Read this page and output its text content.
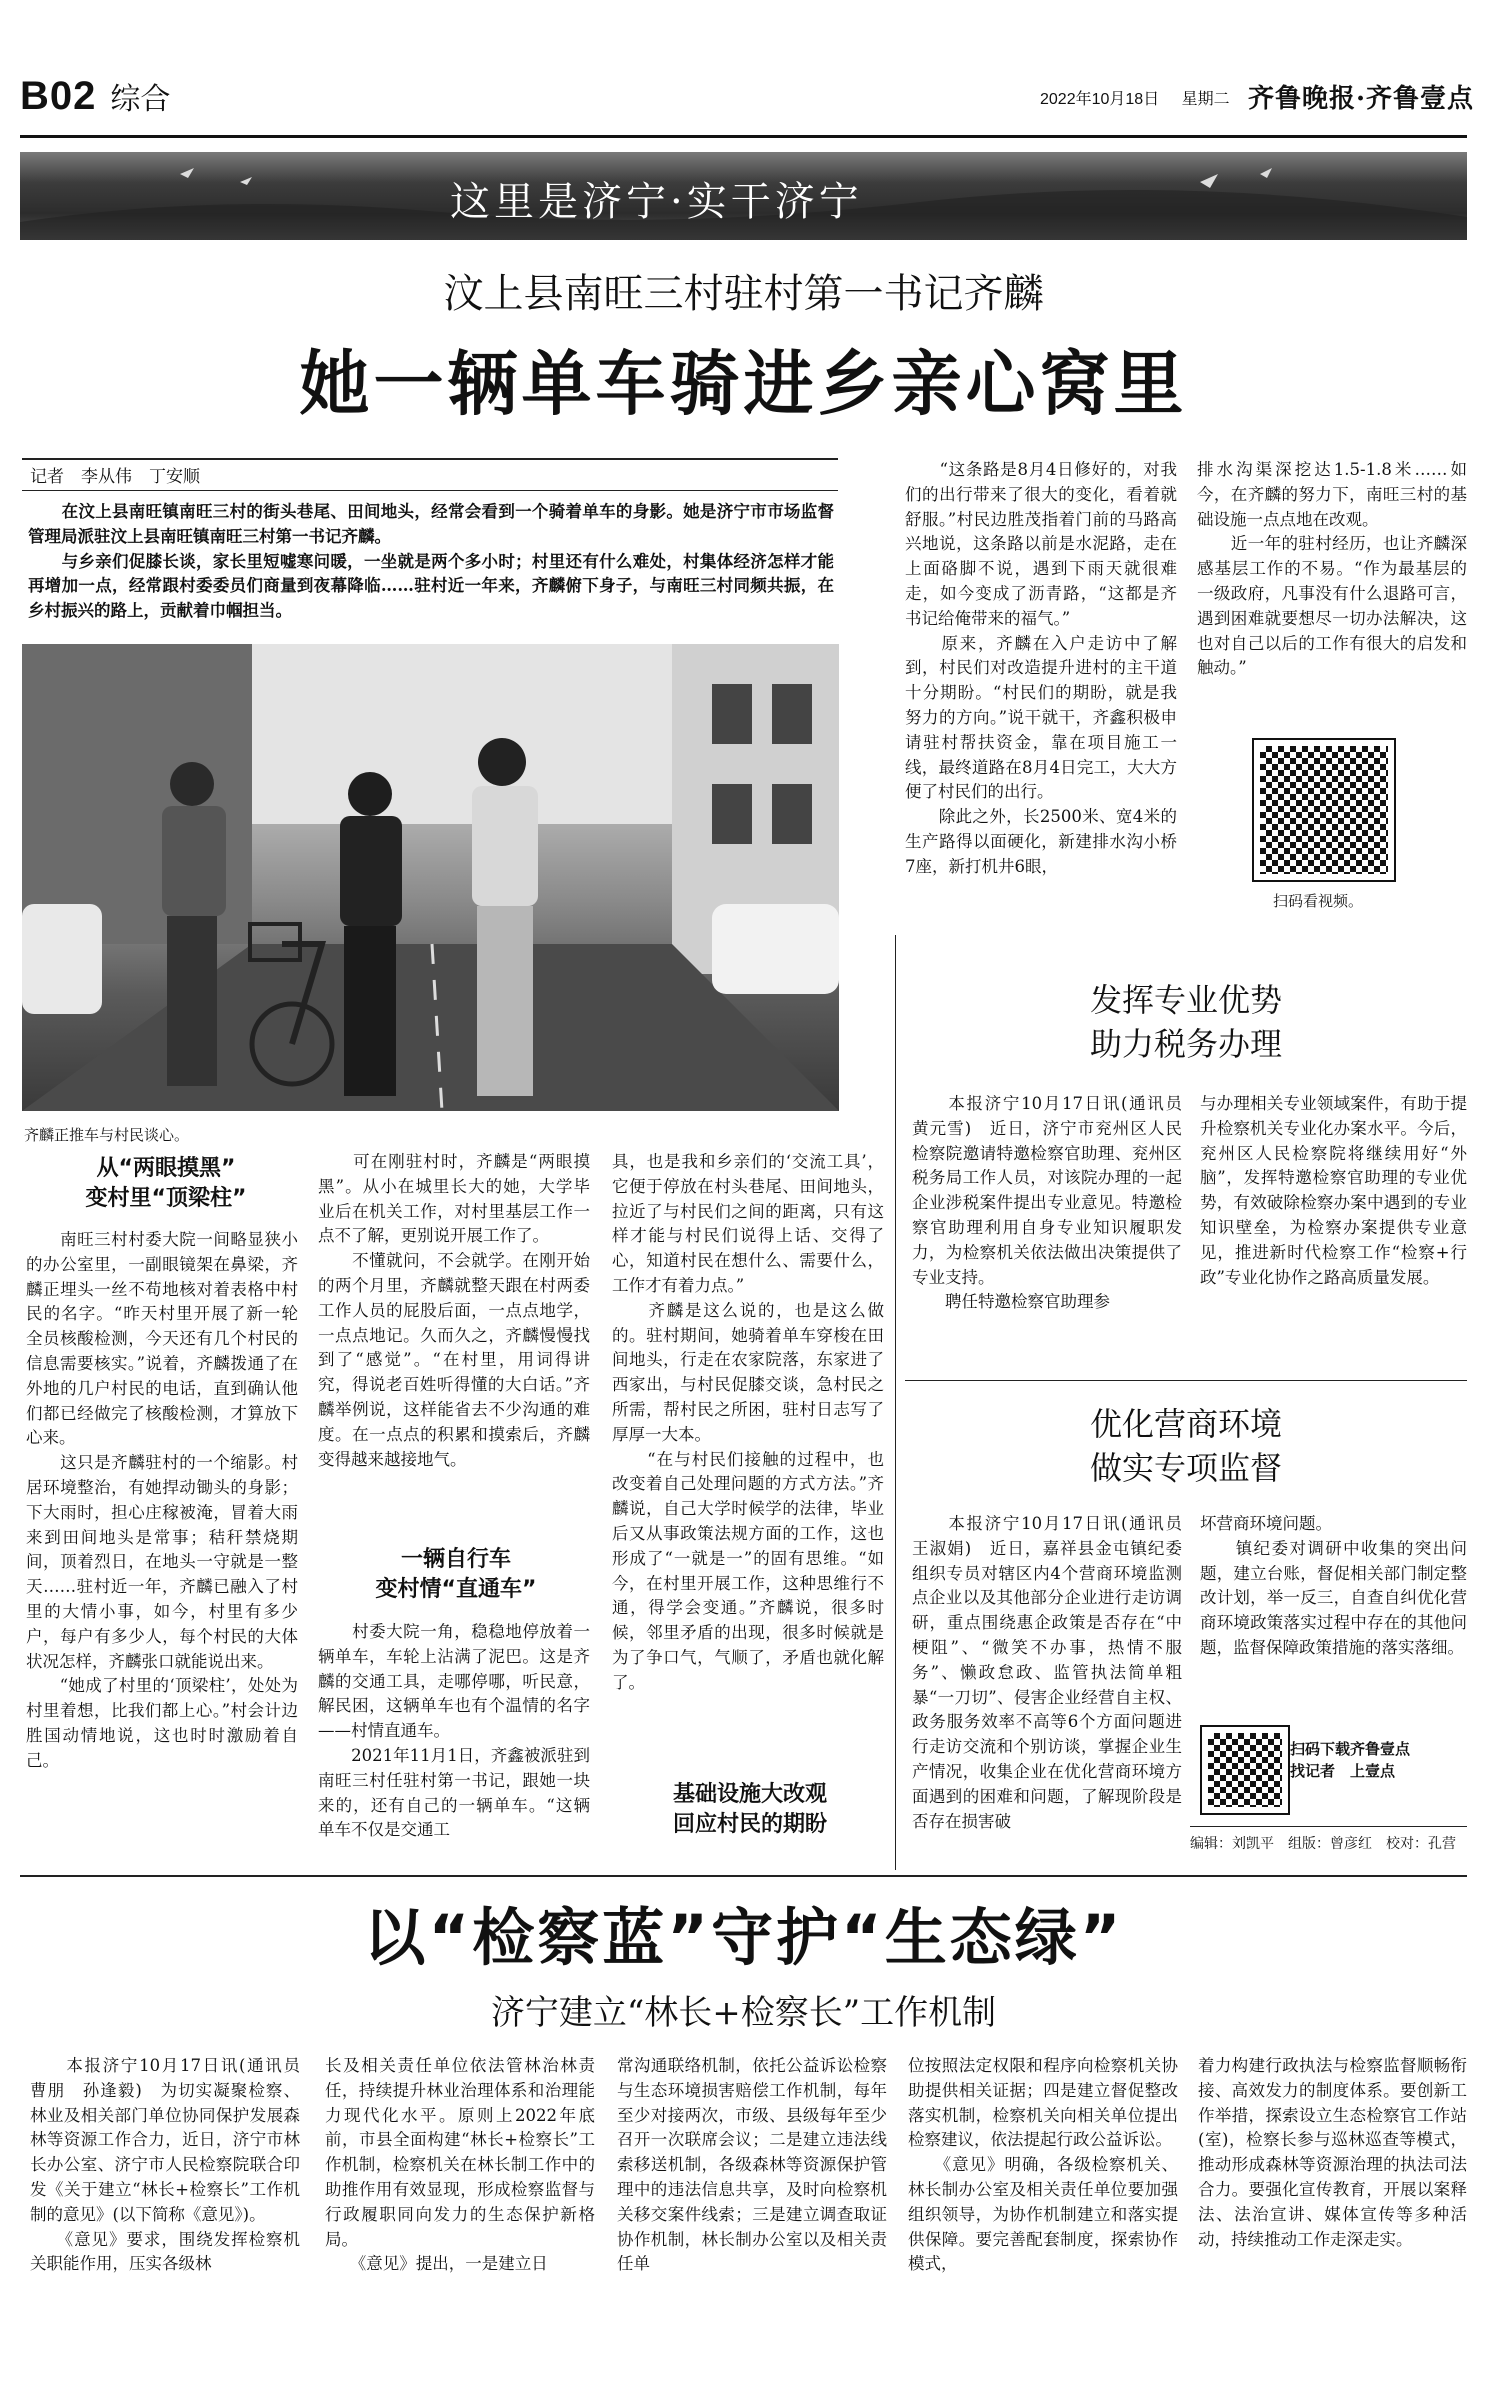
B02 综合	2022年10月18日 星期二 齐鲁晚报·齐鲁壹点
这里是济宁·实干济宁
汶上县南旺三村驻村第一书记齐麟
她一辆单车骑进乡亲心窝里
记者　李从伟　丁安顺

　　在汶上县南旺镇南旺三村的街头巷尾、田间地头，经常会看到一个骑着单车的身影。她是济宁市市场监督管理局派驻汶上县南旺镇南旺三村第一书记齐麟。
　　与乡亲们促膝长谈，家长里短嘘寒问暖，一坐就是两个多小时；村里还有什么难处，村集体经济怎样才能再增加一点，经常跟村委委员们商量到夜幕降临……驻村近一年来，齐麟俯下身子，与南旺三村同频共振，在乡村振兴的路上，贡献着巾帼担当。

齐麟正推车与村民谈心。
从“两眼摸黑”
变村里“顶梁柱”

　　南旺三村村委大院一间略显狭小的办公室里，一副眼镜架在鼻梁，齐麟正埋头一丝不苟地核对着表格中村民的名字。“昨天村里开展了新一轮全员核酸检测，今天还有几个村民的信息需要核实。”说着，齐麟拨通了在外地的几户村民的电话，直到确认他们都已经做完了核酸检测，才算放下心来。
　　这只是齐麟驻村的一个缩影。村居环境整治，有她捍动锄头的身影；下大雨时，担心庄稼被淹，冒着大雨来到田间地头是常事；秸秆禁烧期间，顶着烈日，在地头一守就是一整天……驻村近一年，齐麟已融入了村里的大情小事，如今，村里有多少户，每户有多少人，每个村民的大体状况怎样，齐麟张口就能说出来。
　　“她成了村里的‘顶梁柱’，处处为村里着想，比我们都上心。”村会计边胜国动情地说，这也时时激励着自己。

　　可在刚驻村时，齐麟是“两眼摸黑”。从小在城里长大的她，大学毕业后在机关工作，对村里基层工作一点不了解，更别说开展工作了。
　　不懂就问，不会就学。在刚开始的两个月里，齐麟就整天跟在村两委工作人员的屁股后面，一点点地学，一点点地记。久而久之，齐麟慢慢找到了“感觉”。“在村里，用词得讲究，得说老百姓听得懂的大白话。”齐麟举例说，这样能省去不少沟通的难度。在一点点的积累和摸索后，齐麟变得越来越接地气。

一辆自行车
变村情“直通车”

　　村委大院一角，稳稳地停放着一辆单车，车轮上沾满了泥巴。这是齐麟的交通工具，走哪停哪，听民意，解民困，这辆单车也有个温情的名字——村情直通车。
　　2021年11月1日，齐鑫被派驻到南旺三村任驻村第一书记，跟她一块来的，还有自己的一辆单车。“这辆单车不仅是交通工

具，也是我和乡亲们的‘交流工具’，它便于停放在村头巷尾、田间地头，拉近了与村民们之间的距离，只有这样才能与村民们说得上话、交得了心，知道村民在想什么、需要什么，工作才有着力点。”
　　齐麟是这么说的，也是这么做的。驻村期间，她骑着单车穿梭在田间地头，行走在农家院落，东家进了西家出，与村民促膝交谈，急村民之所需，帮村民之所困，驻村日志写了厚厚一大本。
　　“在与村民们接触的过程中，也改变着自己处理问题的方式方法。”齐麟说，自己大学时候学的法律，毕业后又从事政策法规方面的工作，这也形成了“一就是一”的固有思维。“如今，在村里开展工作，这种思维行不通，得学会变通。”齐麟说，很多时候，邻里矛盾的出现，很多时候就是为了争口气，气顺了，矛盾也就化解了。

基础设施大改观
回应村民的期盼

　　“这条路是8月4日修好的，对我们的出行带来了很大的变化，看着就舒服。”村民边胜茂指着门前的马路高兴地说，这条路以前是水泥路，走在上面硌脚不说，遇到下雨天就很难走，如今变成了沥青路，“这都是齐书记给俺带来的福气。”
　　原来，齐麟在入户走访中了解到，村民们对改造提升进村的主干道十分期盼。“村民们的期盼，就是我努力的方向。”说干就干，齐鑫积极申请驻村帮扶资金，靠在项目施工一线，最终道路在8月4日完工，大大方便了村民们的出行。
　　除此之外，长2500米、宽4米的生产路得以面硬化，新建排水沟小桥7座，新打机井6眼，

排水沟渠深挖达1.5-1.8米……如今，在齐麟的努力下，南旺三村的基础设施一点点地在改观。
　　近一年的驻村经历，也让齐麟深感基层工作的不易。“作为最基层的一级政府，凡事没有什么退路可言，遇到困难就要想尽一切办法解决，这也对自己以后的工作有很大的启发和触动。”

扫码看视频。
发挥专业优势
助力税务办理

　　本报济宁10月17日讯(通讯员　黄元雪)　近日，济宁市兖州区人民检察院邀请特邀检察官助理、兖州区税务局工作人员，对该院办理的一起企业涉税案件提出专业意见。特邀检察官助理利用自身专业知识履职发力，为检察机关依法做出决策提供了专业支持。
　　聘任特邀检察官助理参

与办理相关专业领域案件，有助于提升检察机关专业化办案水平。今后，兖州区人民检察院将继续用好“外脑”，发挥特邀检察官助理的专业优势，有效破除检察办案中遇到的专业知识壁垒，为检察办案提供专业意见，推进新时代检察工作“检察+行政”专业化协作之路高质量发展。

优化营商环境
做实专项监督

　　本报济宁10月17日讯(通讯员　王淑娟)　近日，嘉祥县金屯镇纪委组织专员对辖区内4个营商环境监测点企业以及其他部分企业进行走访调研，重点围绕惠企政策是否存在“中梗阻”、“微笑不办事，热情不服务”、懒政怠政、监管执法简单粗暴“一刀切”、侵害企业经营自主权、政务服务效率不高等6个方面问题进行走访交流和个别访谈，掌握企业生产情况，收集企业在优化营商环境方面遇到的困难和问题，了解现阶段是否存在损害破

坏营商环境问题。
　　镇纪委对调研中收集的突出问题，建立台账，督促相关部门制定整改计划，举一反三，自查自纠优化营商环境政策落实过程中存在的其他问题，监督保障政策措施的落实落细。

扫码下载齐鲁壹点
找记者　上壹点
编辑：刘凯平　组版：曾彦红　校对：孔营
以“检察蓝”守护“生态绿”
济宁建立“林长+检察长”工作机制

　　本报济宁10月17日讯(通讯员　曹朋　孙逢毅)　为切实凝聚检察、林业及相关部门单位协同保护发展森林等资源工作合力，近日，济宁市林长办公室、济宁市人民检察院联合印发《关于建立“林长+检察长”工作机制的意见》(以下简称《意见》)。
　　《意见》要求，围绕发挥检察机关职能作用，压实各级林

长及相关责任单位依法管林治林责任，持续提升林业治理体系和治理能力现代化水平。原则上2022年底前，市县全面构建“林长+检察长”工作机制，检察机关在林长制工作中的助推作用有效显现，形成检察监督与行政履职同向发力的生态保护新格局。
　　《意见》提出，一是建立日

常沟通联络机制，依托公益诉讼检察与生态环境损害赔偿工作机制，每年至少对接两次，市级、县级每年至少召开一次联席会议；二是建立违法线索移送机制，各级森林等资源保护管理中的违法信息共享，及时向检察机关移交案件线索；三是建立调查取证协作机制，林长制办公室以及相关责任单

位按照法定权限和程序向检察机关协助提供相关证据；四是建立督促整改落实机制，检察机关向相关单位提出检察建议，依法提起行政公益诉讼。
　　《意见》明确，各级检察机关、林长制办公室及相关责任单位要加强组织领导，为协作机制建立和落实提供保障。要完善配套制度，探索协作模式，

着力构建行政执法与检察监督顺畅衔接、高效发力的制度体系。要创新工作举措，探索设立生态检察官工作站(室)，检察长参与巡林巡查等模式，推动形成森林等资源治理的执法司法合力。要强化宣传教育，开展以案释法、法治宣讲、媒体宣传等多种活动，持续推动工作走深走实。
